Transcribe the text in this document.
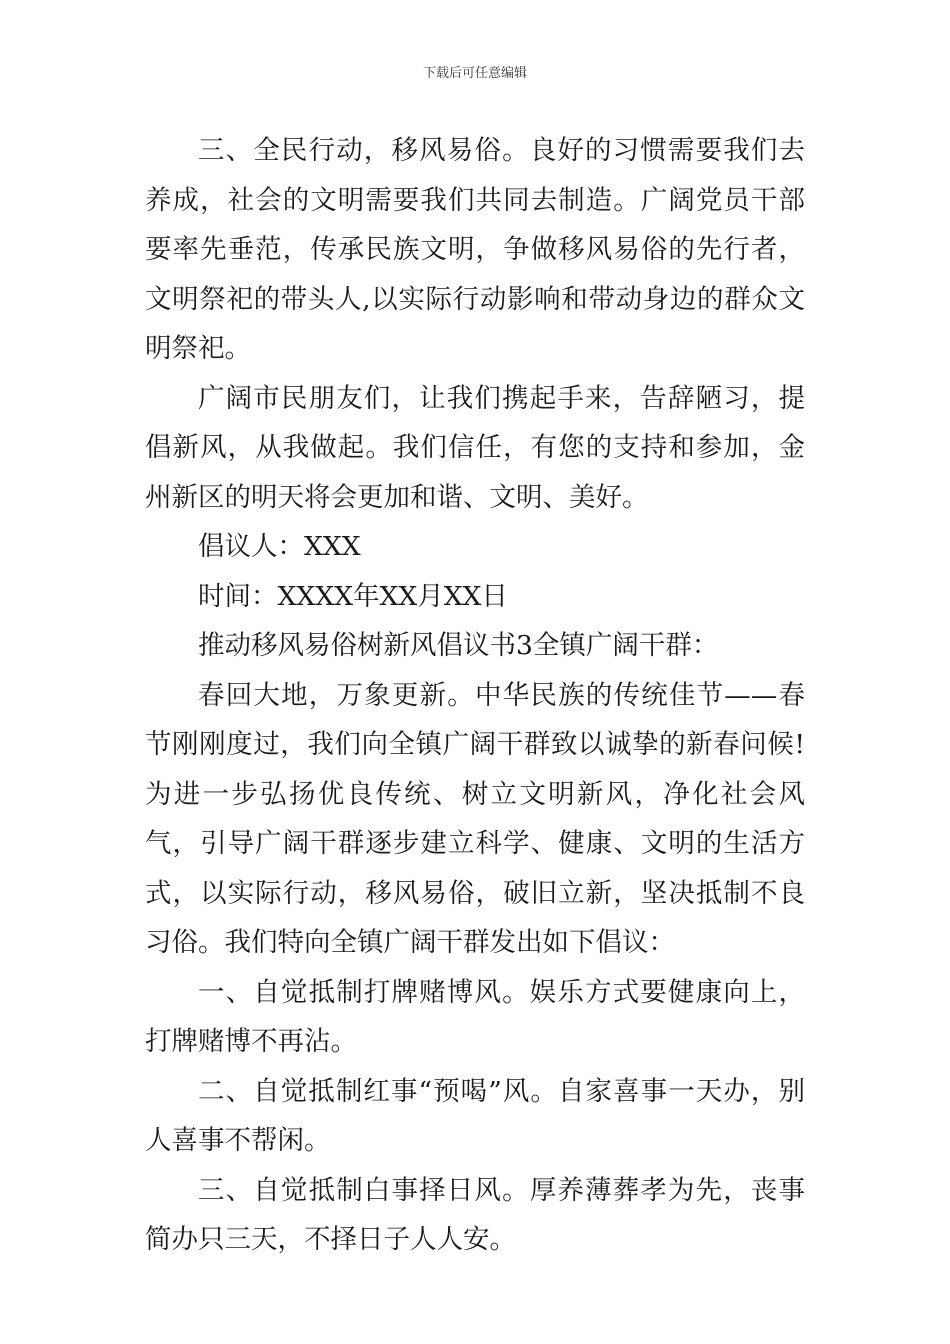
下载后可任意编辑

三、全民行动，移风易俗。良好的习惯需要我们去养成，社会的文明需要我们共同去制造。广阔党员干部要率先垂范，传承民族文明，争做移风易俗的先行者，文明祭祀的带头人,以实际行动影响和带动身边的群众文明祭祀。

广阔市民朋友们，让我们携起手来，告辞陋习，提倡新风，从我做起。我们信任，有您的支持和参加，金州新区的明天将会更加和谐、文明、美好。

倡议人：XXX

时间：XXXX年XX月XX日

推动移风易俗树新风倡议书3全镇广阔干群：

春回大地，万象更新。中华民族的传统佳节——春节刚刚度过，我们向全镇广阔干群致以诚挚的新春问候!为进一步弘扬优良传统、树立文明新风，净化社会风气，引导广阔干群逐步建立科学、健康、文明的生活方式，以实际行动，移风易俗，破旧立新，坚决抵制不良习俗。我们特向全镇广阔干群发出如下倡议：

一、自觉抵制打牌赌博风。娱乐方式要健康向上，打牌赌博不再沾。

二、自觉抵制红事“预喝”风。自家喜事一天办，别人喜事不帮闲。

三、自觉抵制白事择日风。厚养薄葬孝为先，丧事简办只三天，不择日子人人安。
